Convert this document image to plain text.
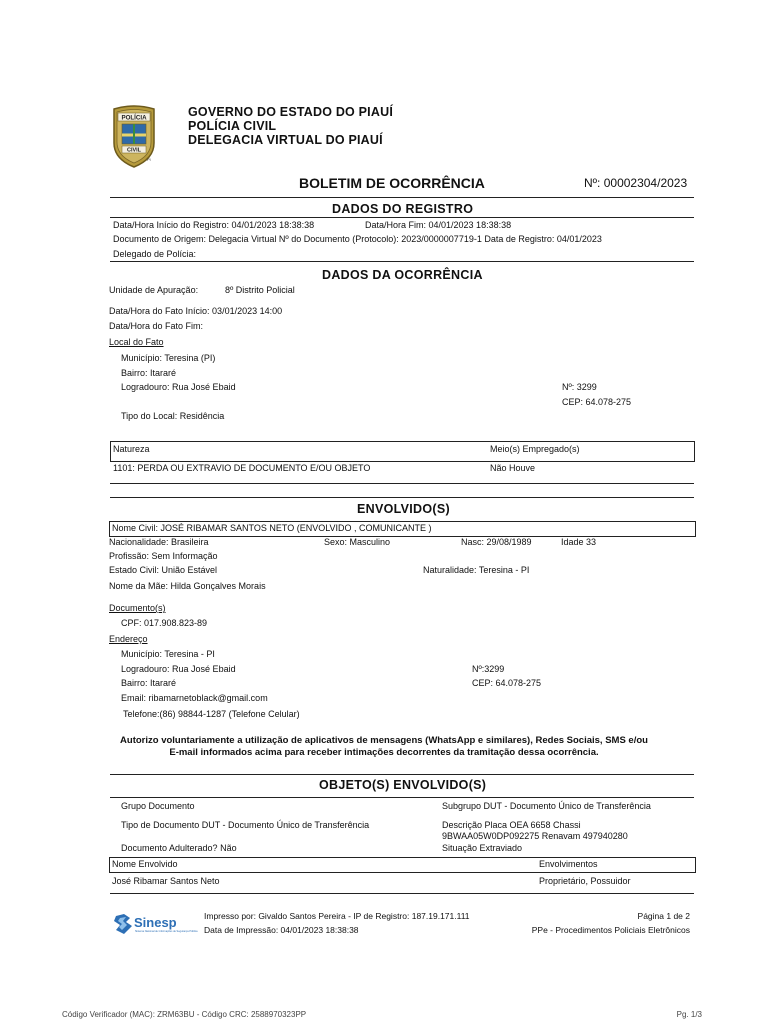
POLÍCIA
CIVIL
PI
GOVERNO DO ESTADO DO PIAUÍ
POLÍCIA CIVIL
DELEGACIA VIRTUAL DO PIAUÍ
BOLETIM DE OCORRÊNCIA	Nº: 00002304/2023
DADOS DO REGISTRO
Data/Hora Início do Registro: 04/01/2023 18:38:38	Data/Hora Fim: 04/01/2023 18:38:38
Documento de Origem: Delegacia Virtual Nº do Documento (Protocolo): 2023/0000007719-1 Data de Registro: 04/01/2023
Delegado de Polícia:
DADOS DA OCORRÊNCIA
Unidade de Apuração:	8º Distrito Policial
Data/Hora do Fato Início: 03/01/2023 14:00
Data/Hora do Fato Fim:
Local do Fato
Município: Teresina (PI)
Bairro: Itararé
Logradouro: Rua José Ebaid	Nº: 3299
CEP: 64.078-275
Tipo do Local: Residência
Natureza	Meio(s) Empregado(s)
1101: PERDA OU EXTRAVIO DE DOCUMENTO E/OU OBJETO	Não Houve
ENVOLVIDO(S)
Nome Civil: JOSÉ RIBAMAR SANTOS NETO (ENVOLVIDO , COMUNICANTE )
Nacionalidade: Brasileira	Sexo: Masculino	Nasc: 29/08/1989	Idade 33
Profissão: Sem Informação
Estado Civil: União Estável	Naturalidade: Teresina - PI
Nome da Mãe: Hilda Gonçalves Morais
Documento(s)
CPF: 017.908.823-89
Endereço
Município: Teresina - PI
Logradouro: Rua José Ebaid	Nº:3299
Bairro: Itararé	CEP: 64.078-275
Email: ribamarnetoblack@gmail.com
Telefone:(86) 98844-1287 (Telefone Celular)
Autorizo voluntariamente a utilização de aplicativos de mensagens (WhatsApp e similares), Redes Sociais, SMS e/ou
E-mail informados acima para receber intimações decorrentes da tramitação dessa ocorrência.
OBJETO(S) ENVOLVIDO(S)
Grupo Documento	Subgrupo DUT - Documento Único de Transferência
Tipo de Documento DUT - Documento Único de Transferência	Descrição Placa OEA 6658 Chassi
9BWAA05W0DP092275 Renavam 497940280
Documento Adulterado? Não	Situação Extraviado
Nome Envolvido	Envolvimentos
José Ribamar Santos Neto	Proprietário, Possuidor
Sinesp
Sistema Nacional de Informações de Segurança Pública
Impresso por: Givaldo Santos Pereira - IP de Registro: 187.19.171.111
Data de Impressão: 04/01/2023 18:38:38
Página 1 de 2
PPe - Procedimentos Policiais Eletrônicos
Código Verificador (MAC): ZRM63BU - Código CRC: 2588970323PP	Pg. 1/3
